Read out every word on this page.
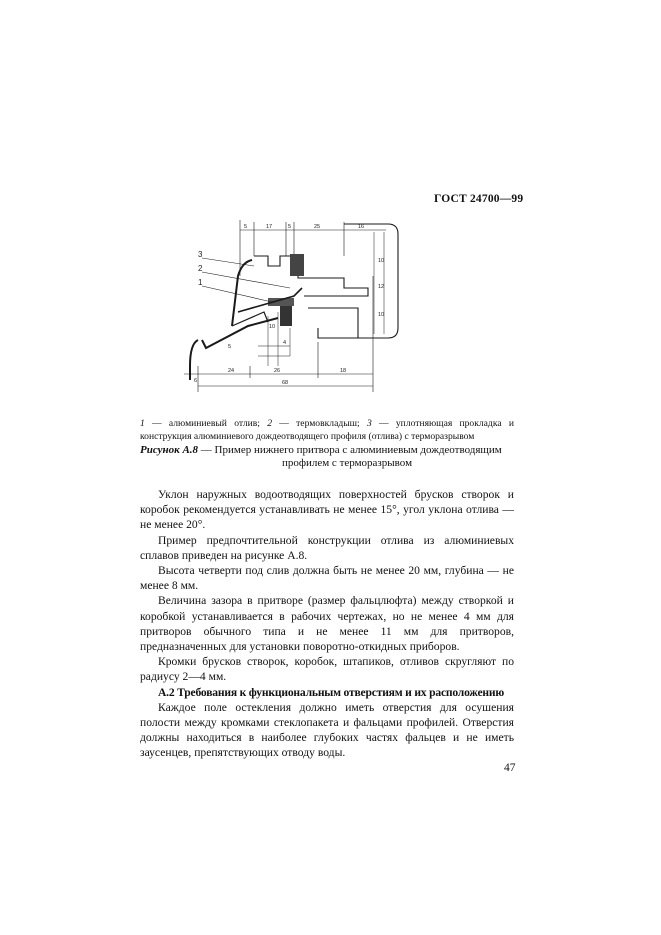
ГОСТ 24700—99
5	17	5	25	16
10
12
10
5
10
4
6
24	26	18
68
3
2
1
1 — алюминиевый отлив; 2 — термовкладыш; 3 — уплотняющая прокладка и конструкция алюминиевого дождеотводящего профиля (отлива) с терморазрывом
Рисунок А.8 — Пример нижнего притвора с алюминиевым дождеотводящим
профилем с терморазрывом

Уклон наружных водоотводящих поверхностей брусков створок и коробок рекомендуется устанавливать не менее 15°, угол уклона отлива — не менее 20°.

Пример предпочтительной конструкции отлива из алюминиевых сплавов приведен на рисунке А.8.

Высота четверти под слив должна быть не менее 20 мм, глубина — не менее 8 мм.

Величина зазора в притворе (размер фальцлюфта) между створкой и коробкой устанавливается в рабочих чертежах, но не менее 4 мм для притворов обычного типа и не менее 11 мм для притворов, предназначенных для установки поворотно-откидных приборов.

Кромки брусков створок, коробок, штапиков, отливов скругляют по радиусу 2—4 мм.

А.2 Требования к функциональным отверстиям и их расположению

Каждое поле остекления должно иметь отверстия для осушения полости между кромками стеклопакета и фальцами профилей. Отверстия должны находиться в наиболее глубоких частях фальцев и не иметь заусенцев, препятствующих отводу воды.

47
